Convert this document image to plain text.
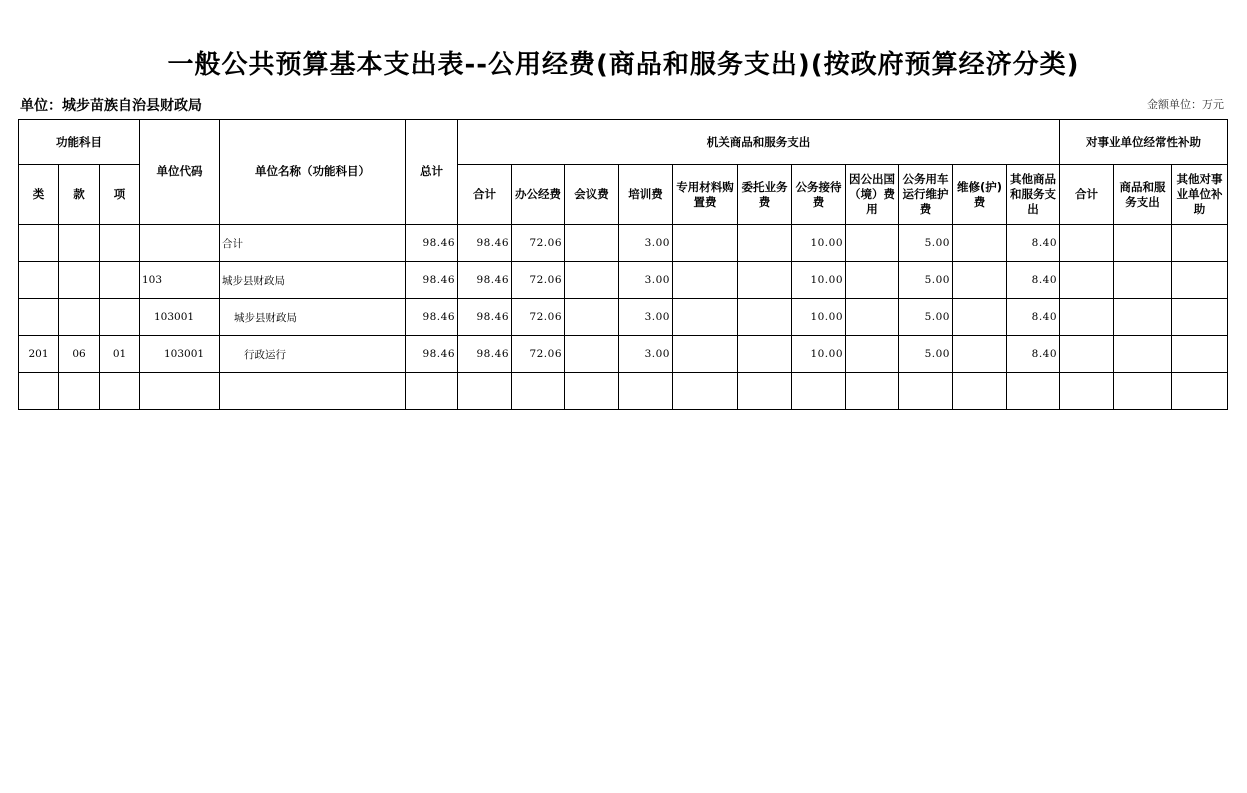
一般公共预算基本支出表--公用经费(商品和服务支出)(按政府预算经济分类)
单位：城步苗族自治县财政局	金额单位：万元
功能科目			单位代码	单位名称（功能科目）	总计	机关商品和服务支出											对事业单位经常性补助		
类	款	项				合计	办公经费	会议费	培训费	专用材料购置费	委托业务费	公务接待费	因公出国（境）费用	公务用车运行维护费	维修(护)费	其他商品和服务支出	合计	商品和服务支出	其他对事业单位补助
				合计	98.46	98.46	72.06		3.00			10.00		5.00		8.40			
			103	城步县财政局	98.46	98.46	72.06		3.00			10.00		5.00		8.40			
			103001	城步县财政局	98.46	98.46	72.06		3.00			10.00		5.00		8.40			
201	06	01	103001	行政运行	98.46	98.46	72.06		3.00			10.00		5.00		8.40			
